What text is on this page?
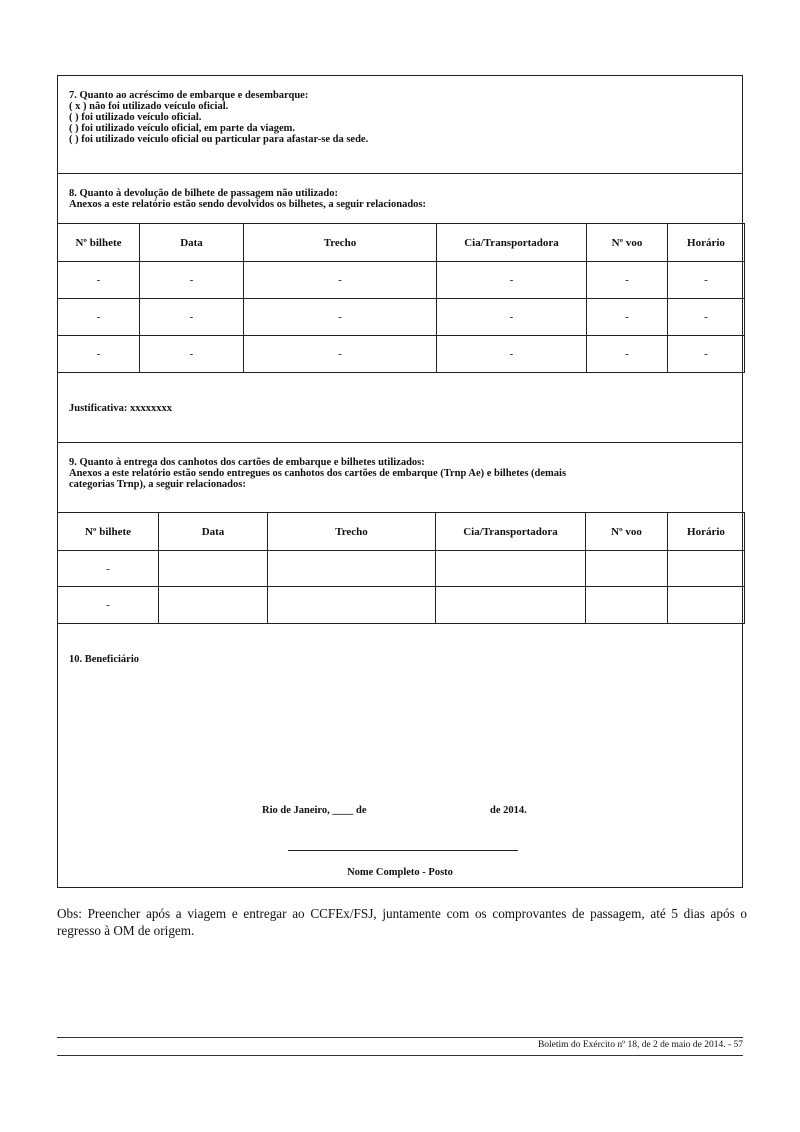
7. Quanto ao acréscimo de embarque e desembarque:
( x ) não foi utilizado veículo oficial.
( ) foi utilizado veículo oficial.
( ) foi utilizado veículo oficial, em parte da viagem.
( ) foi utilizado veículo oficial ou particular para afastar-se da sede.
8. Quanto à devolução de bilhete de passagem não utilizado:
Anexos a este relatório estão sendo devolvidos os bilhetes, a seguir relacionados:
Nº bilhete	Data	Trecho	Cia/Transportadora	Nº voo	Horário
-	-	-	-	-	-
-	-	-	-	-	-
-	-	-	-	-	-
Justificativa: xxxxxxxx
9. Quanto à entrega dos canhotos dos cartões de embarque e bilhetes utilizados:
Anexos a este relatório estão sendo entregues os canhotos dos cartões de embarque (Trnp Ae) e bilhetes (demais
categorias Trnp), a seguir relacionados:
Nº bilhete	Data	Trecho	Cia/Transportadora	Nº voo	Horário
-					
-					
10. Beneficiário
Rio de Janeiro, ____ de	de 2014.
Nome Completo - Posto
Obs: Preencher após a viagem e entregar ao CCFEx/FSJ, juntamente com os comprovantes de passagem, até 5 dias após o regresso à OM de origem.
Boletim do Exército nº 18, de 2 de maio de 2014. - 57
